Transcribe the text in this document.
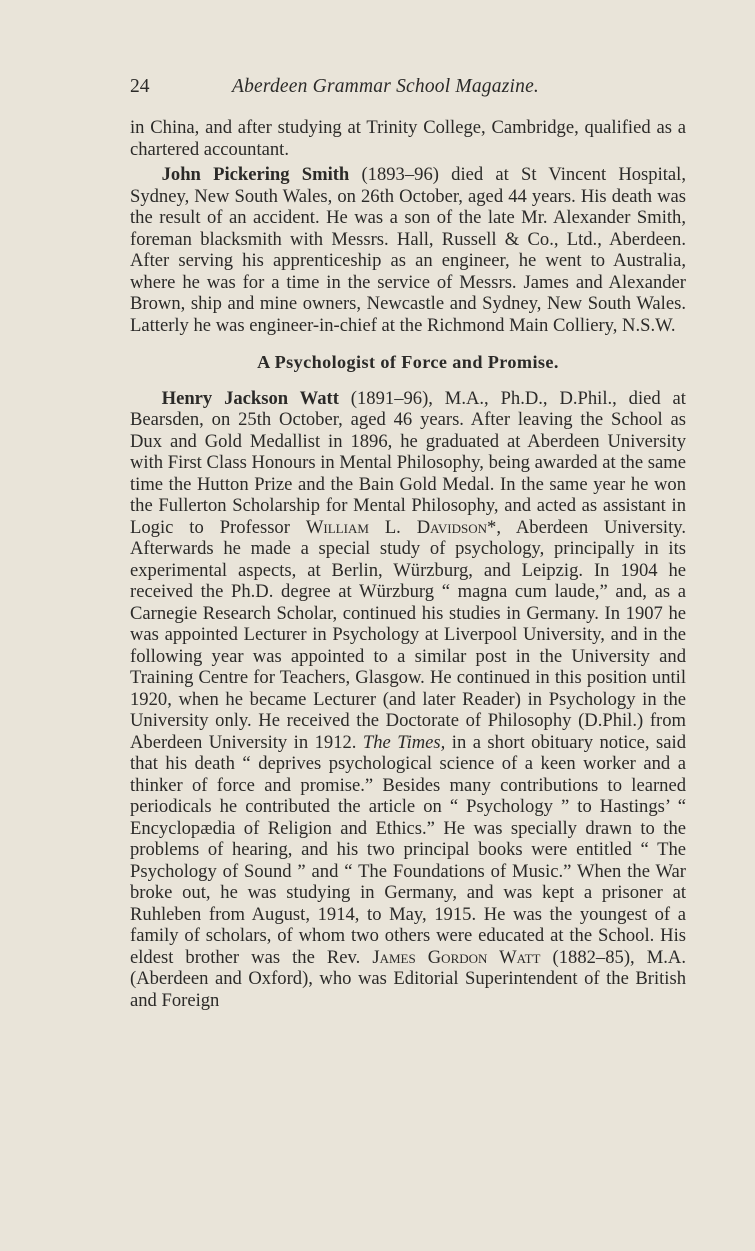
24	Aberdeen Grammar School Magazine.

in China, and after studying at Trinity College, Cambridge, qualified as a chartered accountant.

John Pickering Smith (1893–96) died at St Vincent Hospital, Sydney, New South Wales, on 26th October, aged 44 years. His death was the result of an accident. He was a son of the late Mr. Alexander Smith, foreman blacksmith with Messrs. Hall, Russell & Co., Ltd., Aberdeen. After serving his apprenticeship as an engineer, he went to Australia, where he was for a time in the service of Messrs. James and Alexander Brown, ship and mine owners, Newcastle and Sydney, New South Wales. Latterly he was engineer-in-chief at the Richmond Main Colliery, N.S.W.

A Psychologist of Force and Promise.

Henry Jackson Watt (1891–96), M.A., Ph.D., D.Phil., died at Bearsden, on 25th October, aged 46 years. After leaving the School as Dux and Gold Medallist in 1896, he graduated at Aberdeen University with First Class Honours in Mental Philosophy, being awarded at the same time the Hutton Prize and the Bain Gold Medal. In the same year he won the Fullerton Scholarship for Mental Philosophy, and acted as assistant in Logic to Professor William L. Davidson*, Aberdeen University. Afterwards he made a special study of psychology, principally in its experimental aspects, at Berlin, Würzburg, and Leipzig. In 1904 he received the Ph.D. degree at Würzburg “ magna cum laude,” and, as a Carnegie Research Scholar, continued his studies in Germany. In 1907 he was appointed Lecturer in Psychology at Liverpool University, and in the following year was appointed to a similar post in the University and Training Centre for Teachers, Glasgow. He continued in this position until 1920, when he became Lecturer (and later Reader) in Psychology in the University only. He received the Doctorate of Philosophy (D.Phil.) from Aberdeen University in 1912. The Times, in a short obituary notice, said that his death “ deprives psychological science of a keen worker and a thinker of force and promise.” Besides many contributions to learned periodicals he contributed the article on “ Psychology ” to Hastings’ “ Encyclopædia of Religion and Ethics.” He was specially drawn to the problems of hearing, and his two principal books were entitled “ The Psychology of Sound ” and “ The Foundations of Music.” When the War broke out, he was studying in Germany, and was kept a prisoner at Ruhleben from August, 1914, to May, 1915. He was the youngest of a family of scholars, of whom two others were educated at the School. His eldest brother was the Rev. James Gordon Watt (1882–85), M.A. (Aberdeen and Oxford), who was Editorial Superintendent of the British and Foreign
